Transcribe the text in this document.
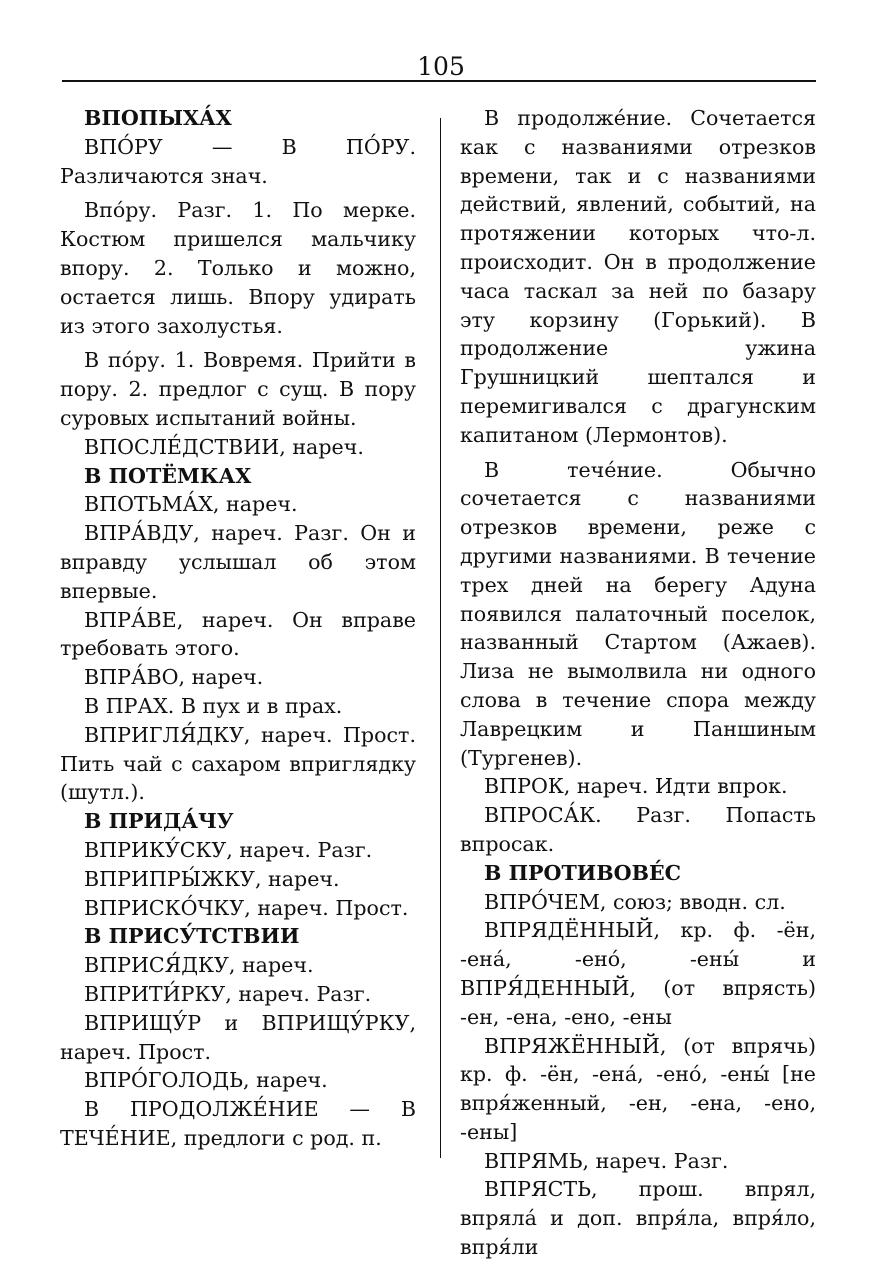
105

ВПОПЫХА́Х

ВПО́РУ — В ПО́РУ. Различаются знач.

Впо́ру. Разг. 1. По мерке. Костюм пришелся мальчику впору. 2. Только и можно, остается лишь. Впору удирать из этого захолустья.

В по́ру. 1. Вовремя. Прийти в пору. 2. предлог с сущ. В пору суровых испытаний войны.

ВПОСЛЕ́ДСТВИИ, нареч.

В ПОТЁМКАХ

ВПОТЬМА́Х, нареч.

ВПРА́ВДУ, нареч. Разг. Он и вправду услышал об этом впервые.

ВПРА́ВЕ, нареч. Он вправе требовать этого.

ВПРА́ВО, нареч.

В ПРАХ. В пух и в прах.

ВПРИГЛЯ́ДКУ, нареч. Прост. Пить чай с сахаром вприглядку (шутл.).

В ПРИДА́ЧУ

ВПРИКУ́СКУ, нареч. Разг.

ВПРИПРЫ́ЖКУ, нареч.

ВПРИСКО́ЧКУ, нареч. Прост.

В ПРИСУ́ТСТВИИ

ВПРИСЯ́ДКУ, нареч.

ВПРИТИ́РКУ, нареч. Разг.

ВПРИЩУ́Р и ВПРИЩУ́РКУ, нареч. Прост.

ВПРО́ГОЛОДЬ, нареч.

В ПРОДОЛЖЕ́НИЕ — В ТЕЧЕ́НИЕ, предлоги с род. п.

В продолже́ние. Сочетается как с названиями отрезков времени, так и с названиями действий, явлений, событий, на протяжении которых что-л. происходит. Он в продолжение часа таскал за ней по базару эту корзину (Горький). В продолжение ужина Грушницкий шептался и перемигивался с драгунским капитаном (Лермонтов).

В тече́ние. Обычно сочетается с названиями отрезков времени, реже с другими названиями. В течение трех дней на берегу Адуна появился палаточный поселок, названный Стартом (Ажаев). Лиза не вымолвила ни одного слова в течение спора между Лаврецким и Паншиным (Тургенев).

ВПРОК, нареч. Идти впрок.

ВПРОСА́К. Разг. Попасть впросак.

В ПРОТИВОВЕ́С

ВПРО́ЧЕМ, союз; вводн. сл.

ВПРЯДЁННЫЙ, кр. ф. -ён, -ена́, -ено́, -ены́ и ВПРЯ́ДЕННЫЙ, (от впрясть) -ен, -ена, -ено, -ены

ВПРЯЖЁННЫЙ, (от впрячь) кр. ф. -ён, -ена́, -ено́, -ены́ [не впря́женный, -ен, -ена, -ено, -ены]

ВПРЯМЬ, нареч. Разг.

ВПРЯСТЬ, прош. впрял, впряла́ и доп. впря́ла, впря́ло, впря́ли
